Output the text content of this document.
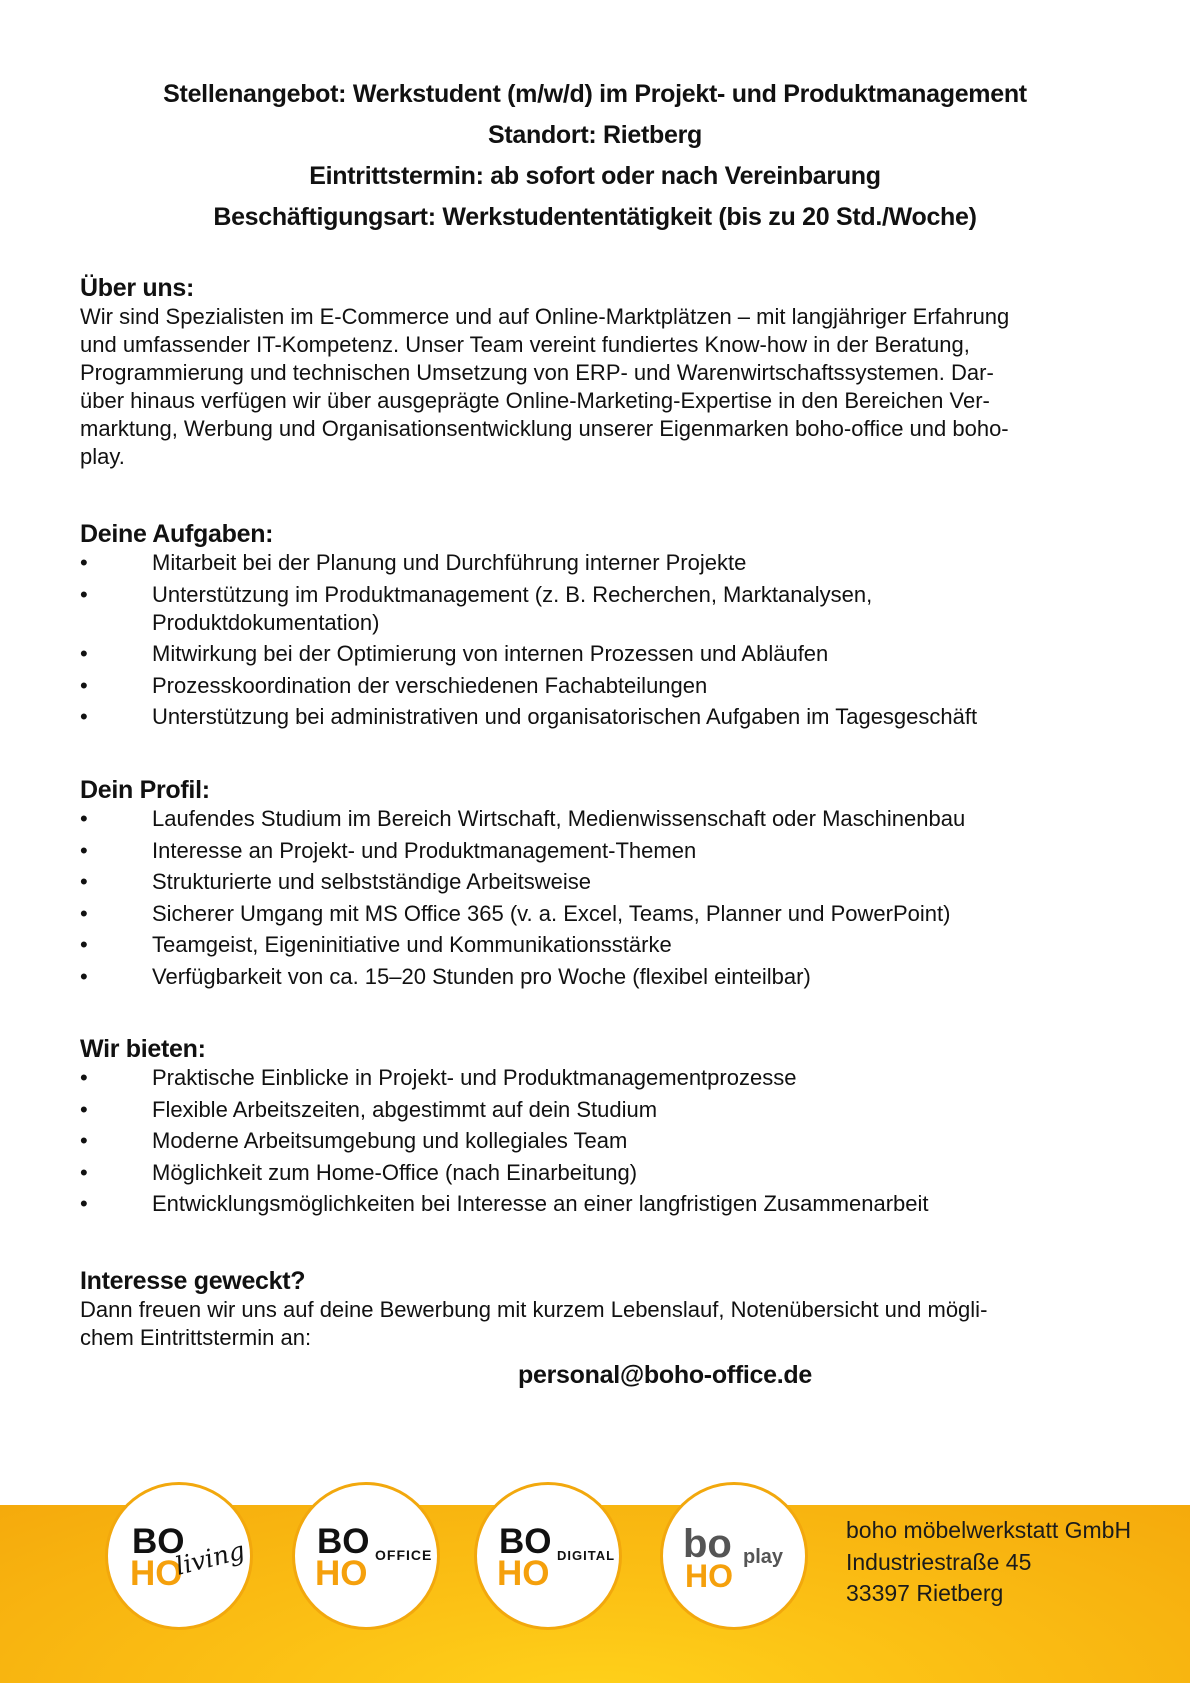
Stellenangebot: Werkstudent (m/w/d) im Projekt- und Produktmanagement
Standort: Rietberg
Eintrittstermin: ab sofort oder nach Vereinbarung
Beschäftigungsart: Werkstudententätigkeit (bis zu 20 Std./Woche)
Über uns:

Wir sind Spezialisten im E-Commerce und auf Online-Marktplätzen – mit langjähriger Erfahrung
und umfassender IT-Kompetenz. Unser Team vereint fundiertes Know-how in der Beratung,
Programmierung und technischen Umsetzung von ERP- und Warenwirtschaftssystemen. Dar-
über hinaus verfügen wir über ausgeprägte Online-Marketing-Expertise in den Bereichen Ver-
marktung, Werbung und Organisationsentwicklung unserer Eigenmarken boho-office und boho-
play.

Deine Aufgaben:
•	Mitarbeit bei der Planung und Durchführung interner Projekte
•	Unterstützung im Produktmanagement (z. B. Recherchen, Marktanalysen,
Produktdokumentation)
•	Mitwirkung bei der Optimierung von internen Prozessen und Abläufen
•	Prozesskoordination der verschiedenen Fachabteilungen
•	Unterstützung bei administrativen und organisatorischen Aufgaben im Tagesgeschäft
Dein Profil:
•	Laufendes Studium im Bereich Wirtschaft, Medienwissenschaft oder Maschinenbau
•	Interesse an Projekt- und Produktmanagement-Themen
•	Strukturierte und selbstständige Arbeitsweise
•	Sicherer Umgang mit MS Office 365 (v. a. Excel, Teams, Planner und PowerPoint)
•	Teamgeist, Eigeninitiative und Kommunikationsstärke
•	Verfügbarkeit von ca. 15–20 Stunden pro Woche (flexibel einteilbar)
Wir bieten:
•	Praktische Einblicke in Projekt- und Produktmanagementprozesse
•	Flexible Arbeitszeiten, abgestimmt auf dein Studium
•	Moderne Arbeitsumgebung und kollegiales Team
•	Möglichkeit zum Home-Office (nach Einarbeitung)
•	Entwicklungsmöglichkeiten bei Interesse an einer langfristigen Zusammenarbeit
Interesse geweckt?

Dann freuen wir uns auf deine Bewerbung mit kurzem Lebenslauf, Notenübersicht und mögli-
chem Eintrittstermin an:

personal@boho-office.de
BO
HO
living BO
HO OFFICE BO
HO DIGITAL bo
HO
play
boho möbelwerkstatt GmbH
Industriestraße 45
33397 Rietberg
